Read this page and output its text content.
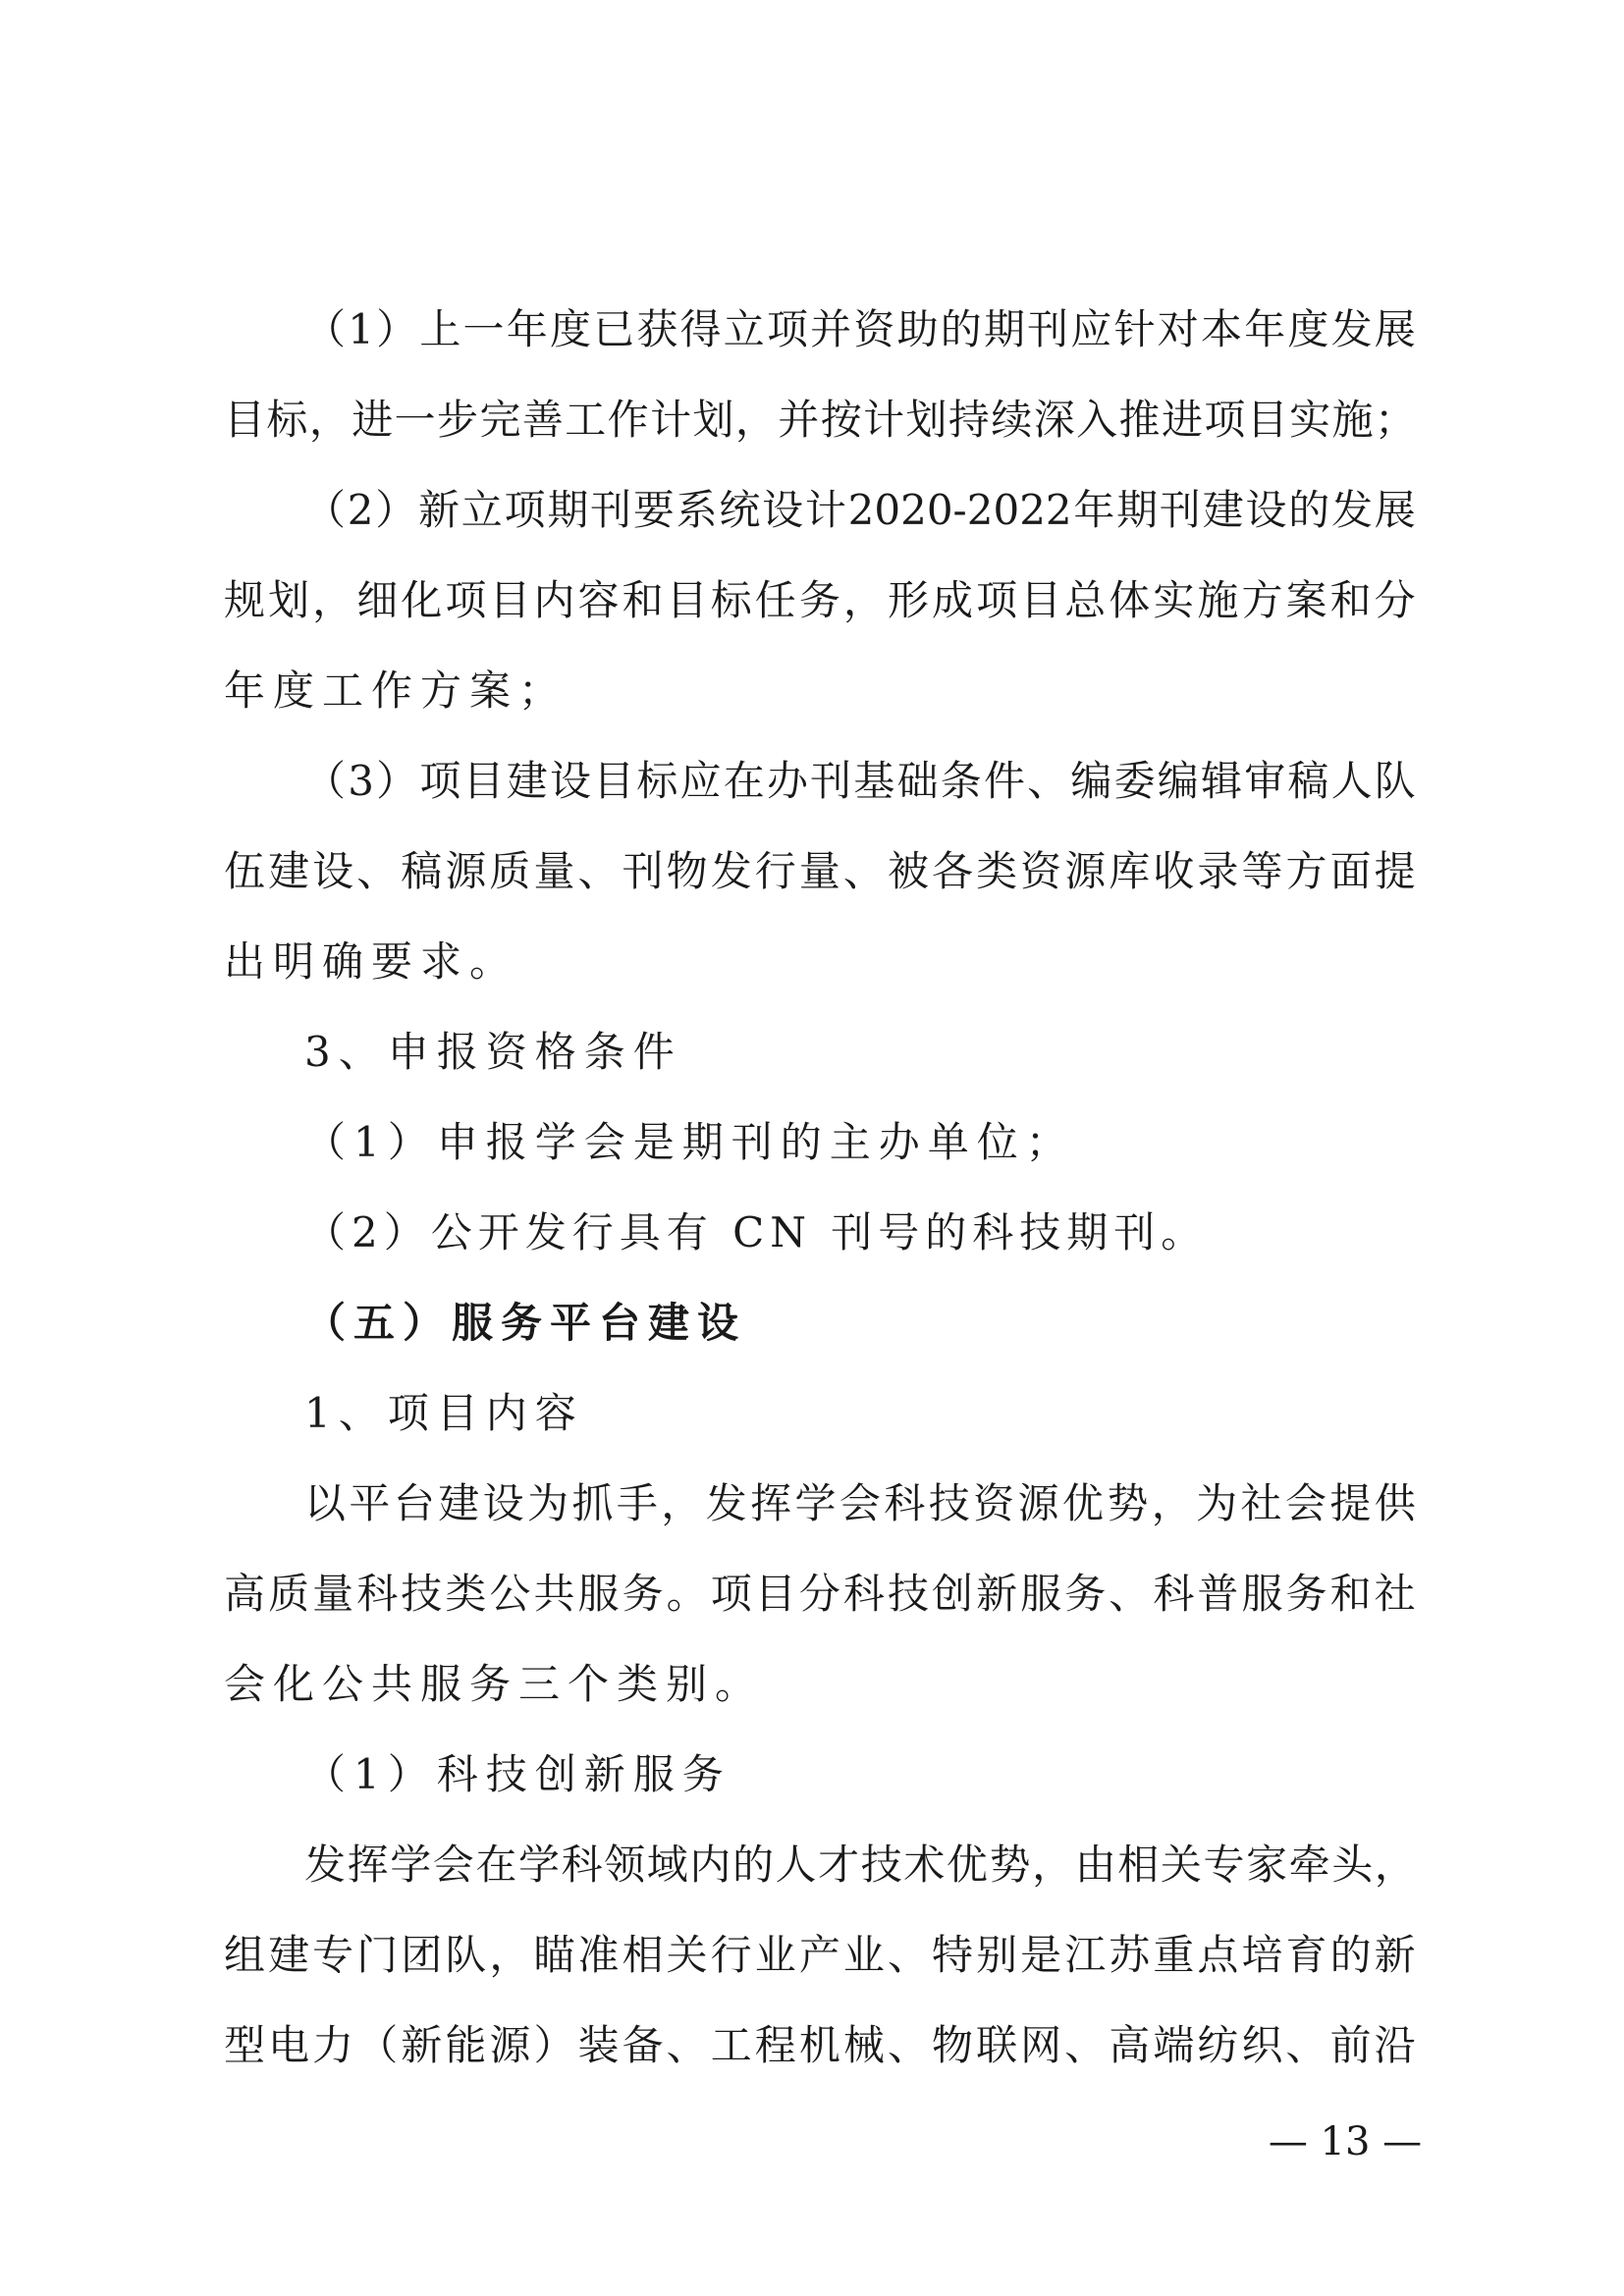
（ 1 ） 上 一 年 度 已 获 得 立 项 并 资 助 的 期 刊 应 针 对 本 年 度 发 展
目 标 ， 进 一 步 完 善 工 作 计 划 ， 并 按 计 划 持 续 深 入 推 进 项 目 实 施 ；
（ 2 ） 新 立 项 期 刊 要 系 统 设 计 2020-2022 年 期 刊 建 设 的 发 展
规 划 ， 细 化 项 目 内 容 和 目 标 任 务 ， 形 成 项 目 总 体 实 施 方 案 和 分
年度工作方案；
（ 3 ） 项 目 建 设 目 标 应 在 办 刊 基 础 条 件 、 编 委 编 辑 审 稿 人 队
伍 建 设 、 稿 源 质 量 、 刊 物 发 行 量 、 被 各 类 资 源 库 收 录 等 方 面 提
出明确要求。
3、申报资格条件
（1）申报学会是期刊的主办单位；
（2）公开发行具有 CN 刊号的科技期刊。
（五）服务平台建设
1、项目内容
以 平 台 建 设 为 抓 手 ， 发 挥 学 会 科 技 资 源 优 势 ， 为 社 会 提 供
高 质 量 科 技 类 公 共 服 务 。 项 目 分 科 技 创 新 服 务 、 科 普 服 务 和 社
会化公共服务三个类别。
（1）科技创新服务
发 挥 学 会 在 学 科 领 域 内 的 人 才 技 术 优 势 ， 由 相 关 专 家 牵 头 ，
组 建 专 门 团 队 ， 瞄 准 相 关 行 业 产 业 、 特 别 是 江 苏 重 点 培 育 的 新
型 电 力 （ 新 能 源 ） 装 备 、 工 程 机 械 、 物 联 网 、 高 端 纺 织 、 前 沿
— 13 —
